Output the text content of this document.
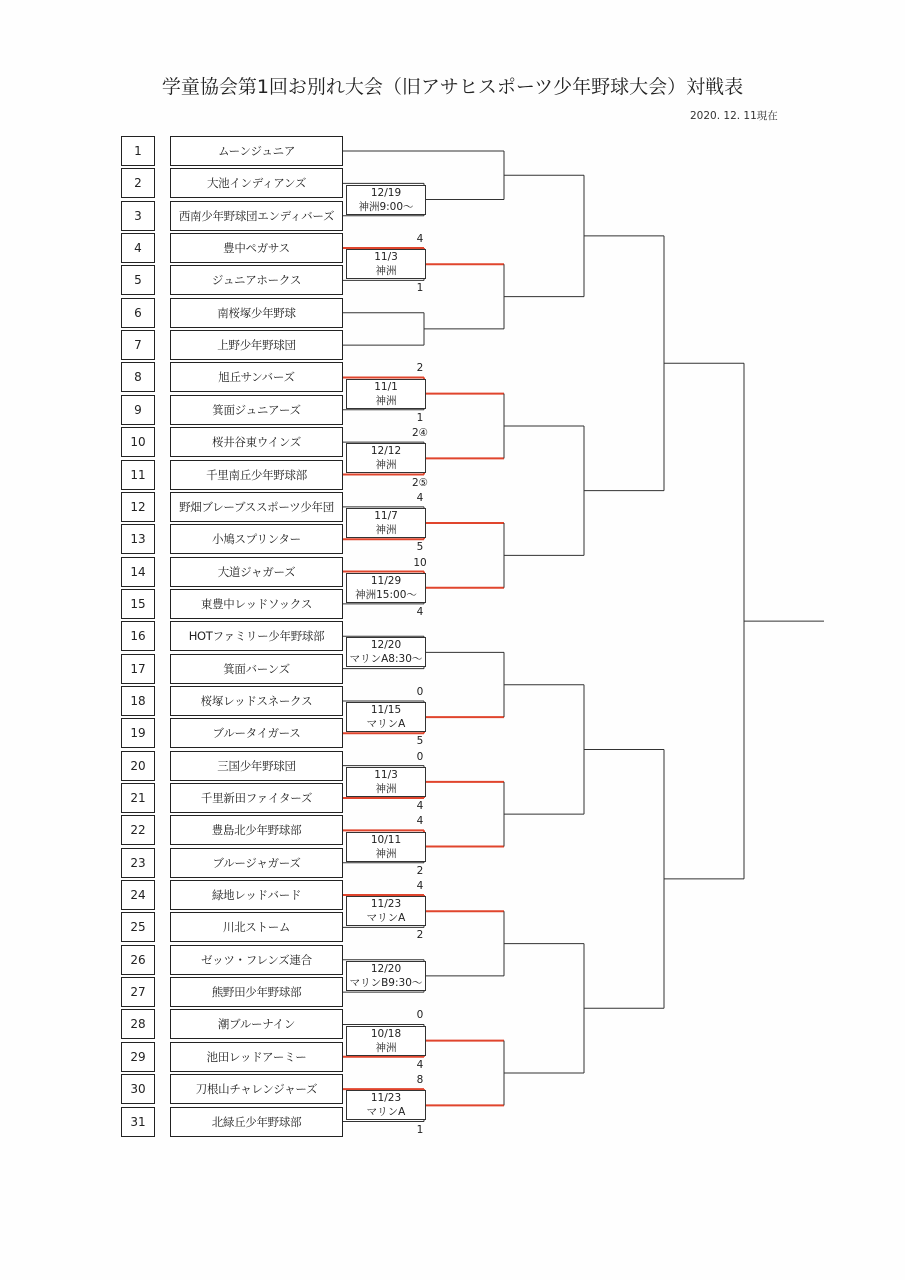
学童協会第1回お別れ大会（旧アサヒスポーツ少年野球大会）対戦表
2020. 12. 11現在
1	ムーンジュニア
2	大池インディアンズ
3	西南少年野球団エンディバーズ
4	豊中ペガサス
5	ジュニアホークス
6	南桜塚少年野球
7	上野少年野球団
8	旭丘サンバーズ
9	箕面ジュニアーズ
10	桜井谷東ウインズ
11	千里南丘少年野球部
12	野畑ブレーブススポーツ少年団
13	小鳩スプリンター
14	大道ジャガーズ
15	東豊中レッドソックス
16	HOTファミリー少年野球部
17	箕面バーンズ
18	桜塚レッドスネークス
19	ブルータイガース
20	三国少年野球団
21	千里新田ファイターズ
22	豊島北少年野球部
23	ブルージャガーズ
24	緑地レッドバード
25	川北ストーム
26	ゼッツ・フレンズ連合
27	熊野田少年野球部
28	潮ブルーナイン
29	池田レッドアーミー
30	刀根山チャレンジャーズ
31	北緑丘少年野球部
12/19
神洲9:00～
11/3
神洲
4
1
11/1
神洲
2
1
12/12
神洲
2④
2⑤
11/7
神洲
4
5
11/29
神洲15:00～
10
4
12/20
マリンA8:30～
11/15
マリンA
0
5
11/3
神洲
0
4
10/11
神洲
4
2
11/23
マリンA
4
2
12/20
マリンB9:30～
10/18
神洲
0
4
11/23
マリンA
8
1
